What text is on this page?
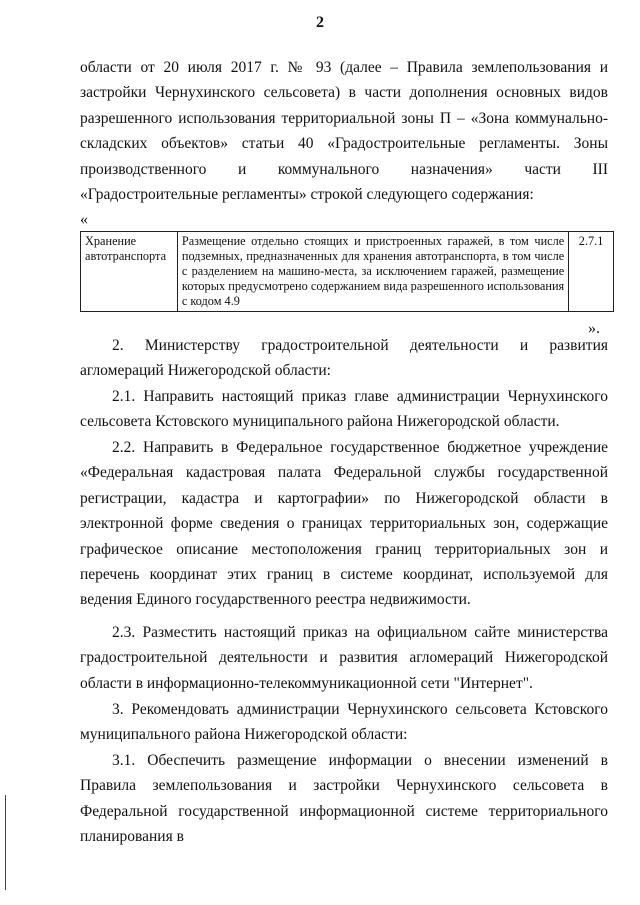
2

области от 20 июля 2017 г. № 93 (далее – Правила землепользования и застройки Чернухинского сельсовета) в части дополнения основных видов разрешенного использования территориальной зоны П – «Зона коммунально-складских объектов» статьи 40 «Градостроительные регламенты. Зоны производственного и коммунального назначения» части III «Градостроительные регламенты» строкой следующего содержания:

«
Хранение автотранспорта	Размещение отдельно стоящих и пристроенных гаражей, в том числе подземных, предназначенных для хранения автотранспорта, в том числе с разделением на машино-места, за исключением гаражей, размещение которых предусмотрено содержанием вида разрешенного использования с кодом 4.9	2.7.1
».

2. Министерству градостроительной деятельности и развития агломераций Нижегородской области:

2.1. Направить настоящий приказ главе администрации Чернухинского сельсовета Кстовского муниципального района Нижегородской области.

2.2. Направить в Федеральное государственное бюджетное учреждение «Федеральная кадастровая палата Федеральной службы государственной регистрации, кадастра и картографии» по Нижегородской области в электронной форме сведения о границах территориальных зон, содержащие графическое описание местоположения границ территориальных зон и перечень координат этих границ в системе координат, используемой для ведения Единого государственного реестра недвижимости.

2.3. Разместить настоящий приказ на официальном сайте министерства градостроительной деятельности и развития агломераций Нижегородской области в информационно-телекоммуникационной сети "Интернет".

3. Рекомендовать администрации Чернухинского сельсовета Кстовского муниципального района Нижегородской области:

3.1. Обеспечить размещение информации о внесении изменений в Правила землепользования и застройки Чернухинского сельсовета в Федеральной государственной информационной системе территориального планирования в
